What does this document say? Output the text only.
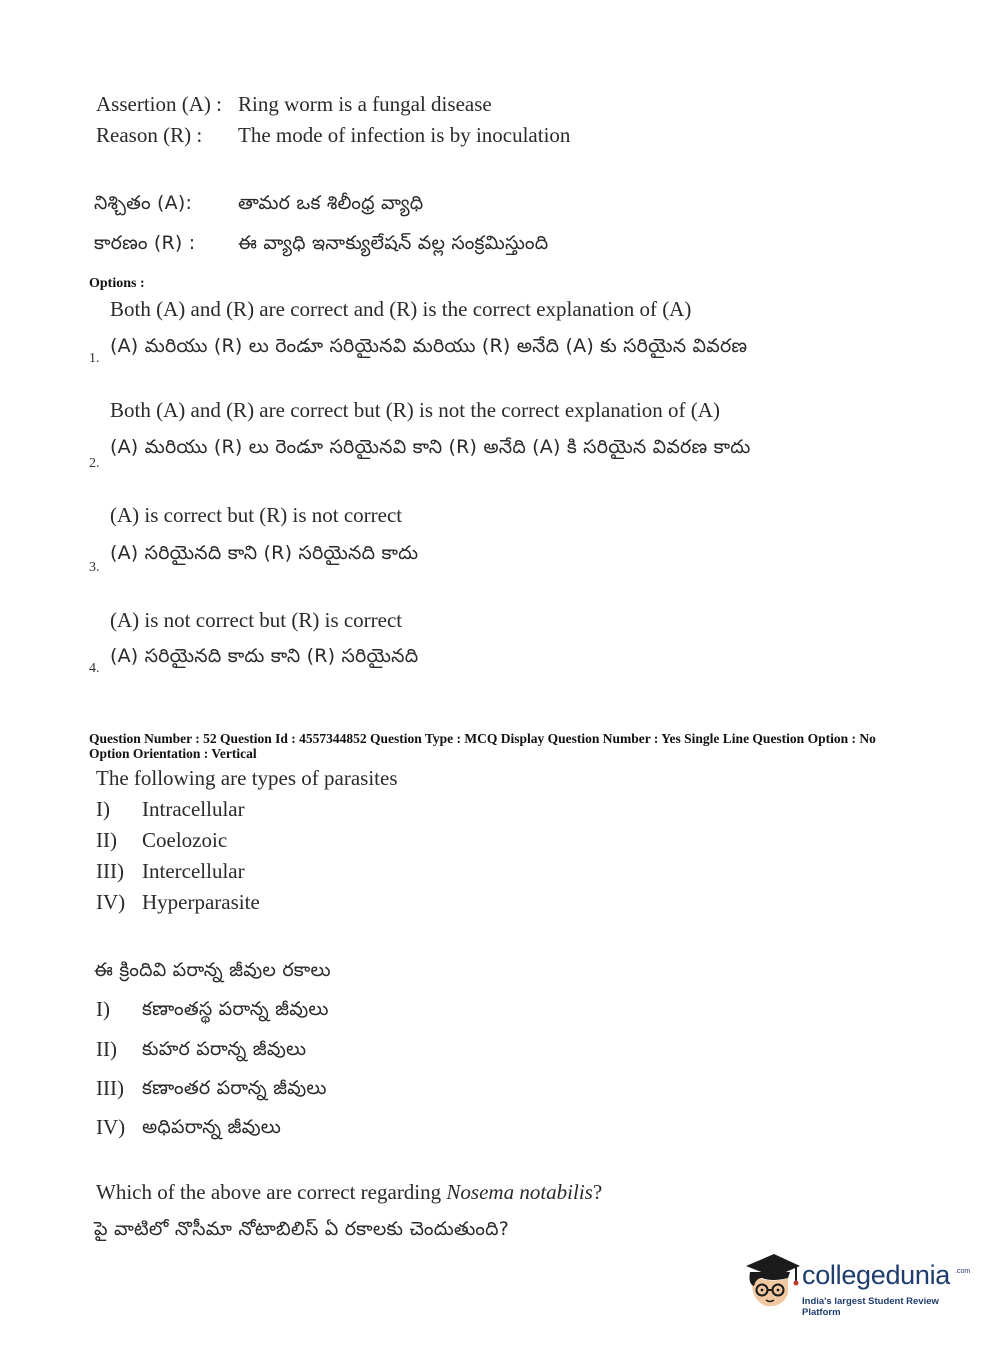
Assertion (A) : Ring worm is a fungal disease
Reason (R) : The mode of infection is by inoculation
నిశ్చితం (A): తామర ఒక శిలీంధ్ర వ్యాధి
కారణం (R) : ఈ వ్యాధి ఇనాక్యులేషన్ వల్ల సంక్రమిస్తుంది
Options :
Both (A) and (R) are correct and (R) is the correct explanation of (A)
(A) మరియు (R) లు రెండూ సరియైనవి మరియు (R) అనేది (A) కు సరియైన వివరణ
1.
Both (A) and (R) are correct but (R) is not the correct explanation of (A)
(A) మరియు (R) లు రెండూ సరియైనవి కాని (R) అనేది (A) కి సరియైన వివరణ కాదు
2.
(A) is correct but (R) is not correct
(A) సరియైనది కాని (R) సరియైనది కాదు
3.
(A) is not correct but (R) is correct
(A) సరియైనది కాదు కాని (R) సరియైనది
4.
Question Number : 52 Question Id : 4557344852 Question Type : MCQ Display Question Number : Yes Single Line Question Option : No Option Orientation : Vertical
The following are types of parasites
I) Intracellular
II) Coelozoic
III) Intercellular
IV) Hyperparasite
ఈ క్రిందివి పరాన్న జీవుల రకాలు
I) కణాంతస్థ పరాన్న జీవులు
II) కుహర పరాన్న జీవులు
III) కణాంతర పరాన్న జీవులు
IV) అధిపరాన్న జీవులు
Which of the above are correct regarding Nosema notabilis?
పై వాటిలో నొసీమా నోటాబిలిస్ ఏ రకాలకు చెందుతుంది?
collegedunia .com
India's largest Student Review Platform
